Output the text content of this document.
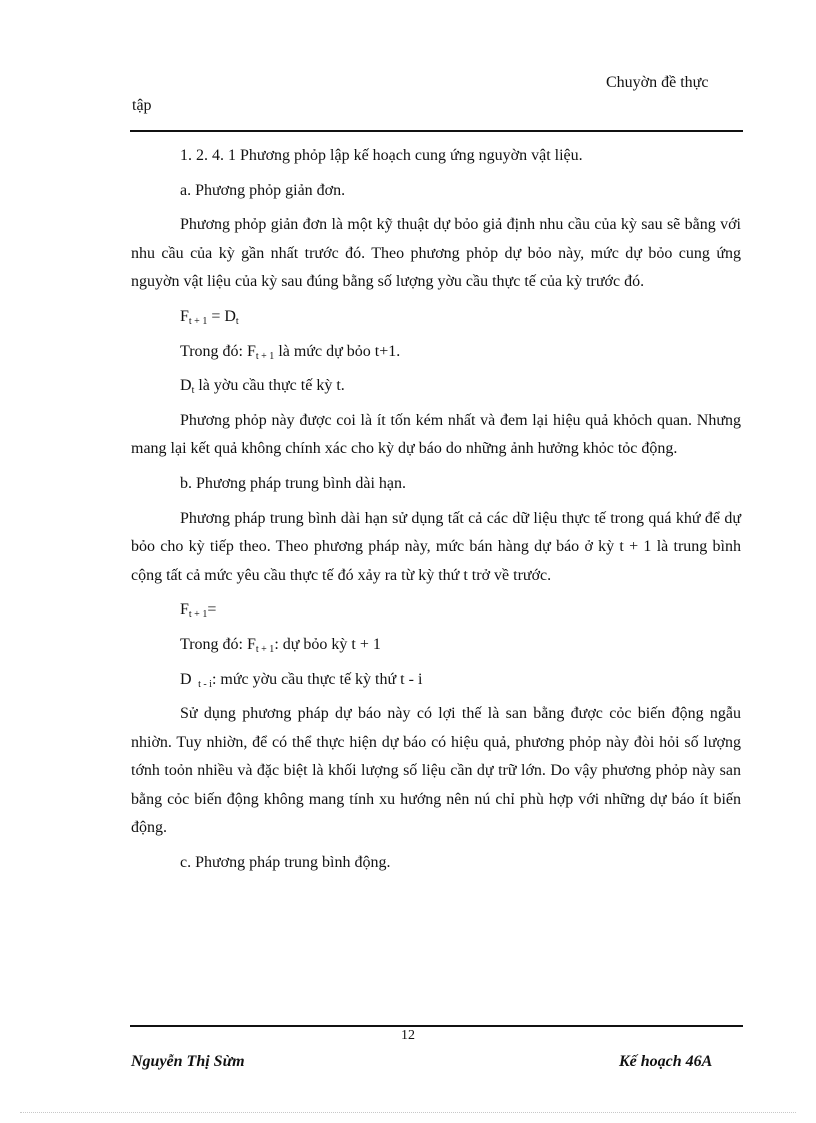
Chuyờn đề thực
tập

1. 2. 4. 1 Phương phỏp lập kế hoạch cung ứng nguyờn vật liệu.

a. Phương phỏp giản đơn.

Phương phỏp giản đơn là một kỹ thuật dự bỏo giả định nhu cầu của kỳ sau sẽ bằng với nhu cầu của kỳ gần nhất trước đó. Theo phương phỏp dự bỏo này, mức dự bỏo cung ứng nguyờn vật liệu của kỳ sau đúng bằng số lượng yờu cầu thực tế của kỳ trước đó.

$F_{t + 1} = D_t$

Trong đó: $F_{t + 1}$ là mức dự bỏo t+1.

$D_t$ là yờu cầu thực tế kỳ t.

Phương phỏp này được coi là ít tốn kém nhất và đem lại hiệu quả khỏch quan. Nhưng mang lại kết quả không chính xác cho kỳ dự báo do những ảnh hưởng khỏc tỏc động.

b. Phương pháp trung bình dài hạn.

Phương pháp trung bình dài hạn sử dụng tất cả các dữ liệu thực tế trong quá khứ để dự bỏo cho kỳ tiếp theo. Theo phương pháp này, mức bán hàng dự báo ở kỳ t + 1 là trung bình cộng tất cả mức yêu cầu thực tế đó xảy ra từ kỳ thứ t trở về trước.

$F_{t + 1}=$

Trong đó: $F_{t + 1}$: dự bỏo kỳ t + 1

D  $_{t - i}$: mức yờu cầu thực tế kỳ thứ t - i

Sử dụng phương pháp dự báo này có lợi thế là san bằng được cỏc biến động ngẫu nhiờn. Tuy nhiờn, để có thể thực hiện dự báo có hiệu quả, phương phỏp này đòi hỏi số lượng tớnh toỏn nhiều và đặc biệt là khối lượng số liệu cần dự trữ lớn. Do vậy phương phỏp này san bằng cỏc biến động không mang tính xu hướng nên nú chỉ phù hợp với những dự báo ít biến động.

c. Phương pháp trung bình động.

12
Nguyễn Thị Sừm	Kế hoạch 46A
